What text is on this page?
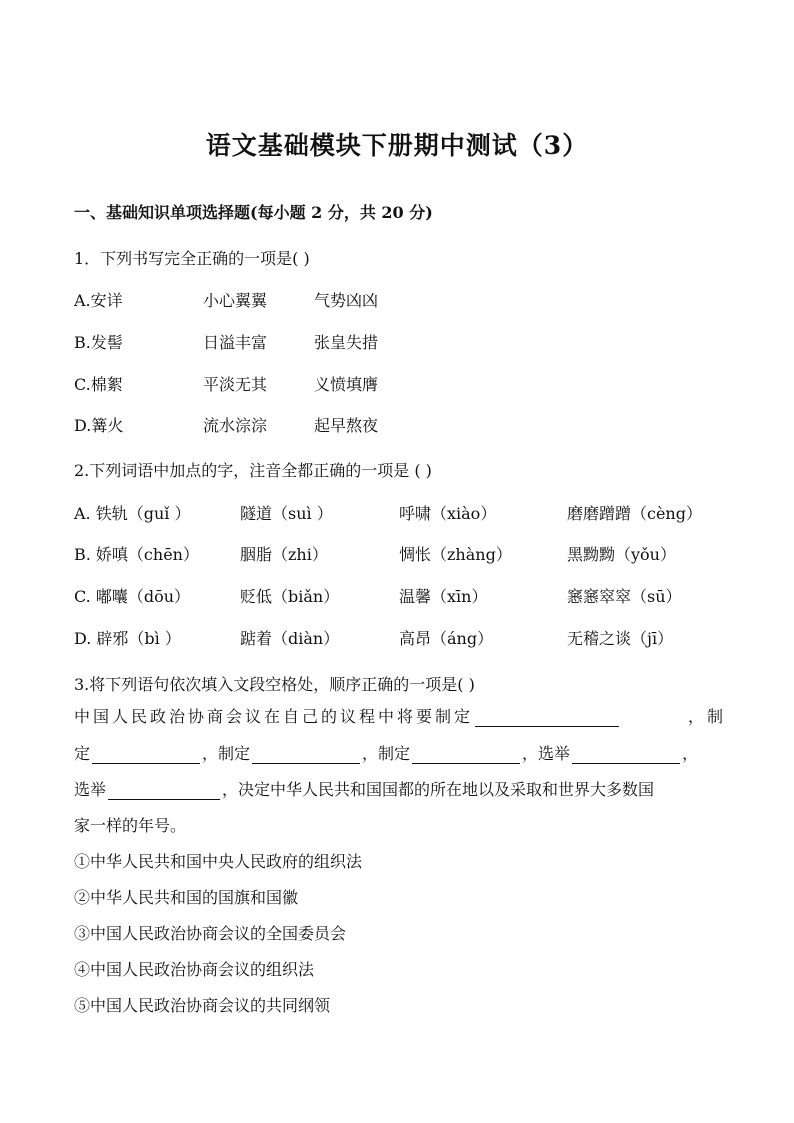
语文基础模块下册期中测试（3）
一、基础知识单项选择题(每小题 2 分，共 20 分)
1．下列书写完全正确的一项是( )
A.安详	小心翼翼	气势凶凶
B.发髻	日溢丰富	张皇失措
C.棉絮	平淡无其	义愤填膺
D.篝火	流水淙淙	起早熬夜
2.下列词语中加点的字，注音全都正确的一项是 ( )
A. 铁轨（guǐ ）	隧道（suì ）	呼啸（xiào）	磨磨蹭蹭（cèng）
B. 娇嗔（chēn）	胭脂（zhi）	惆怅（zhàng）	黑黝黝（yǒu）
C. 嘟囔（dōu）	贬低（biǎn）	温馨（xīn）	窸窸窣窣（sū）
D. 辟邪（bì ）	踮着（diàn）	高昂（áng）	无稽之谈（jī）
3.将下列语句依次填入文段空格处，顺序正确的一项是( )
中国人民政治协商会议在自己的议程中将要制定	，制
定	，制定	，制定	，选举	，
选举	，决定中华人民共和国国都的所在地以及采取和世界大多数国
家一样的年号。
①中华人民共和国中央人民政府的组织法
②中华人民共和国的国旗和国徽
③中国人民政治协商会议的全国委员会
④中国人民政治协商会议的组织法
⑤中国人民政治协商会议的共同纲领
